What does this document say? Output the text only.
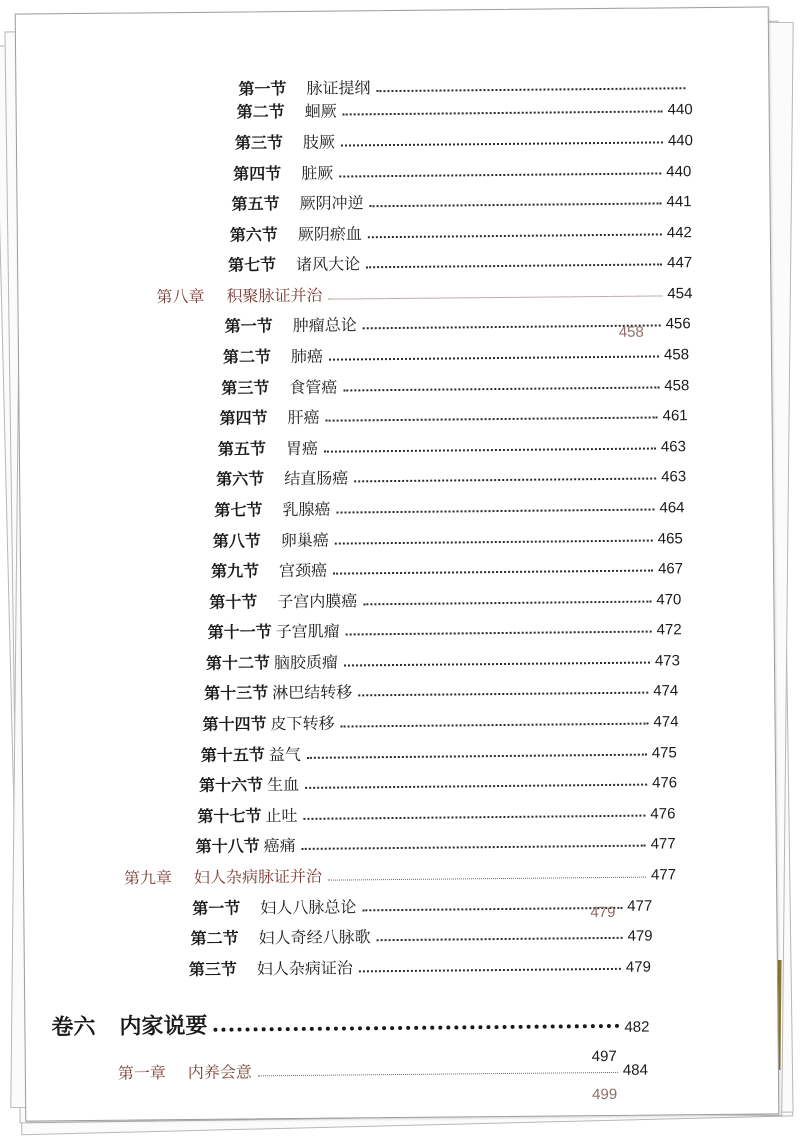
第一节	脉证提纲
第二节	蛔厥	440
第三节	肢厥	440
第四节	脏厥	440
第五节	厥阴冲逆	441
第六节	厥阴瘀血	442
第七节	诸风大论	447
第八章	积聚脉证并治	454
第一节	肿瘤总论	456
第二节	肺癌	458
第三节	食管癌	458
第四节	肝癌	461
第五节	胃癌	463
第六节	结直肠癌	463
第七节	乳腺癌	464
第八节	卵巢癌	465
第九节	宫颈癌	467
第十节	子宫内膜癌	470
第十一节 子宫肌瘤	472
第十二节 脑胶质瘤	473
第十三节 淋巴结转移	474
第十四节 皮下转移	474
第十五节 益气	475
第十六节 生血	476
第十七节 止吐	476
第十八节 癌痛	477
第九章	妇人杂病脉证并治	477
第一节	妇人八脉总论	477
第二节	妇人奇经八脉歌	479
第三节	妇人杂病证治	479
卷六	内家说要	482
第一章	内养会意	484
458
479
499
497
